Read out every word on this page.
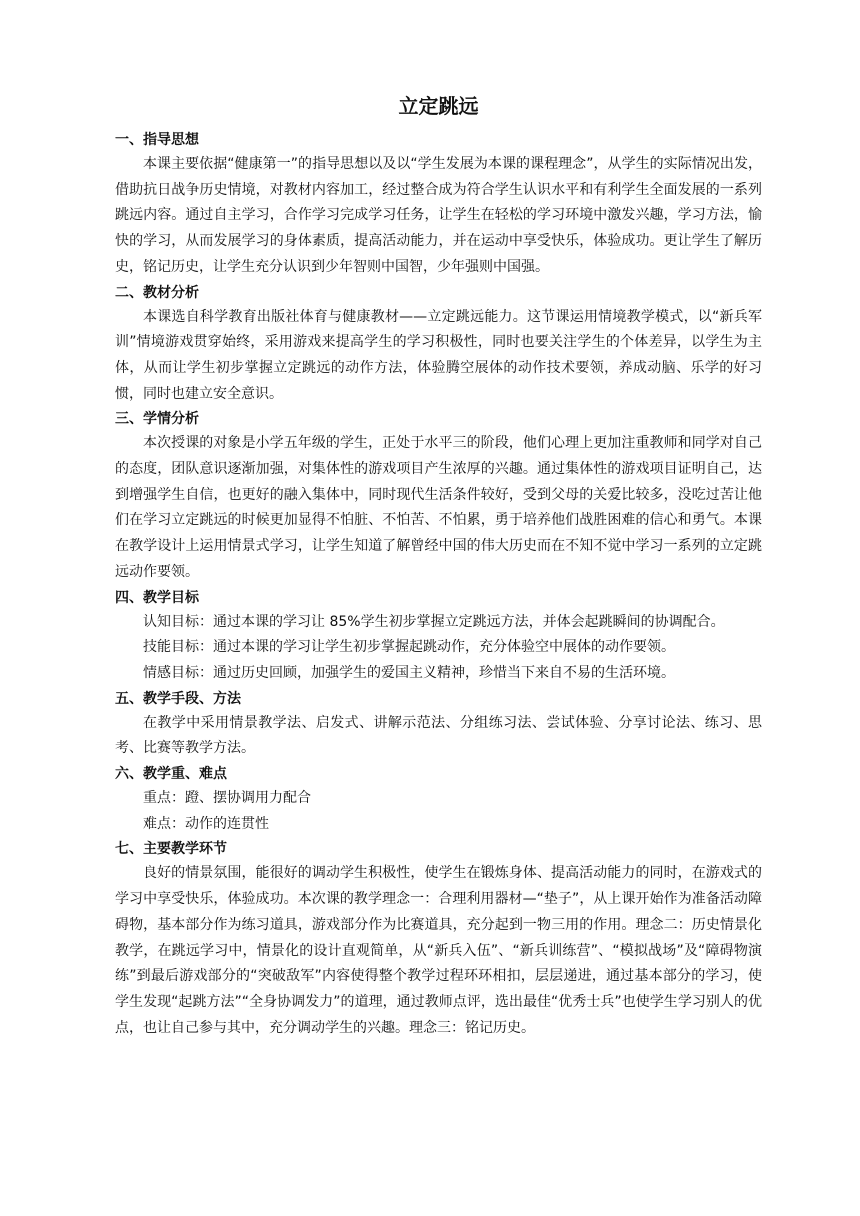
立定跳远
一、指导思想

本课主要依据“健康第一”的指导思想以及以“学生发展为本课的课程理念”，从学生的实际情况出发，借助抗日战争历史情境，对教材内容加工，经过整合成为符合学生认识水平和有利学生全面发展的一系列跳远内容。通过自主学习，合作学习完成学习任务，让学生在轻松的学习环境中激发兴趣，学习方法，愉快的学习，从而发展学习的身体素质，提高活动能力，并在运动中享受快乐，体验成功。更让学生了解历史，铭记历史，让学生充分认识到少年智则中国智，少年强则中国强。

二、教材分析

本课选自科学教育出版社体育与健康教材——立定跳远能力。这节课运用情境教学模式，以“新兵军训”情境游戏贯穿始终，采用游戏来提高学生的学习积极性，同时也要关注学生的个体差异，以学生为主体，从而让学生初步掌握立定跳远的动作方法，体验腾空展体的动作技术要领，养成动脑、乐学的好习惯，同时也建立安全意识。

三、学情分析

本次授课的对象是小学五年级的学生，正处于水平三的阶段，他们心理上更加注重教师和同学对自己的态度，团队意识逐渐加强，对集体性的游戏项目产生浓厚的兴趣。通过集体性的游戏项目证明自己，达到增强学生自信，也更好的融入集体中，同时现代生活条件较好，受到父母的关爱比较多，没吃过苦让他们在学习立定跳远的时候更加显得不怕脏、不怕苦、不怕累，勇于培养他们战胜困难的信心和勇气。本课在教学设计上运用情景式学习，让学生知道了解曾经中国的伟大历史而在不知不觉中学习一系列的立定跳远动作要领。

四、教学目标

认知目标：通过本课的学习让 85%学生初步掌握立定跳远方法，并体会起跳瞬间的协调配合。

技能目标：通过本课的学习让学生初步掌握起跳动作，充分体验空中展体的动作要领。

情感目标：通过历史回顾，加强学生的爱国主义精神，珍惜当下来自不易的生活环境。

五、教学手段、方法

在教学中采用情景教学法、启发式、讲解示范法、分组练习法、尝试体验、分享讨论法、练习、思考、比赛等教学方法。

六、教学重、难点

重点：蹬、摆协调用力配合

难点：动作的连贯性

七、主要教学环节

良好的情景氛围，能很好的调动学生积极性，使学生在锻炼身体、提高活动能力的同时，在游戏式的学习中享受快乐，体验成功。本次课的教学理念一：合理利用器材—“垫子”，从上课开始作为准备活动障碍物，基本部分作为练习道具，游戏部分作为比赛道具，充分起到一物三用的作用。理念二：历史情景化教学，在跳远学习中，情景化的设计直观简单，从“新兵入伍”、“新兵训练营”、“模拟战场”及“障碍物演练”到最后游戏部分的“突破敌军”内容使得整个教学过程环环相扣，层层递进，通过基本部分的学习，使学生发现“起跳方法”“全身协调发力”的道理，通过教师点评，选出最佳“优秀士兵”也使学生学习别人的优点，也让自己参与其中，充分调动学生的兴趣。理念三：铭记历史。
